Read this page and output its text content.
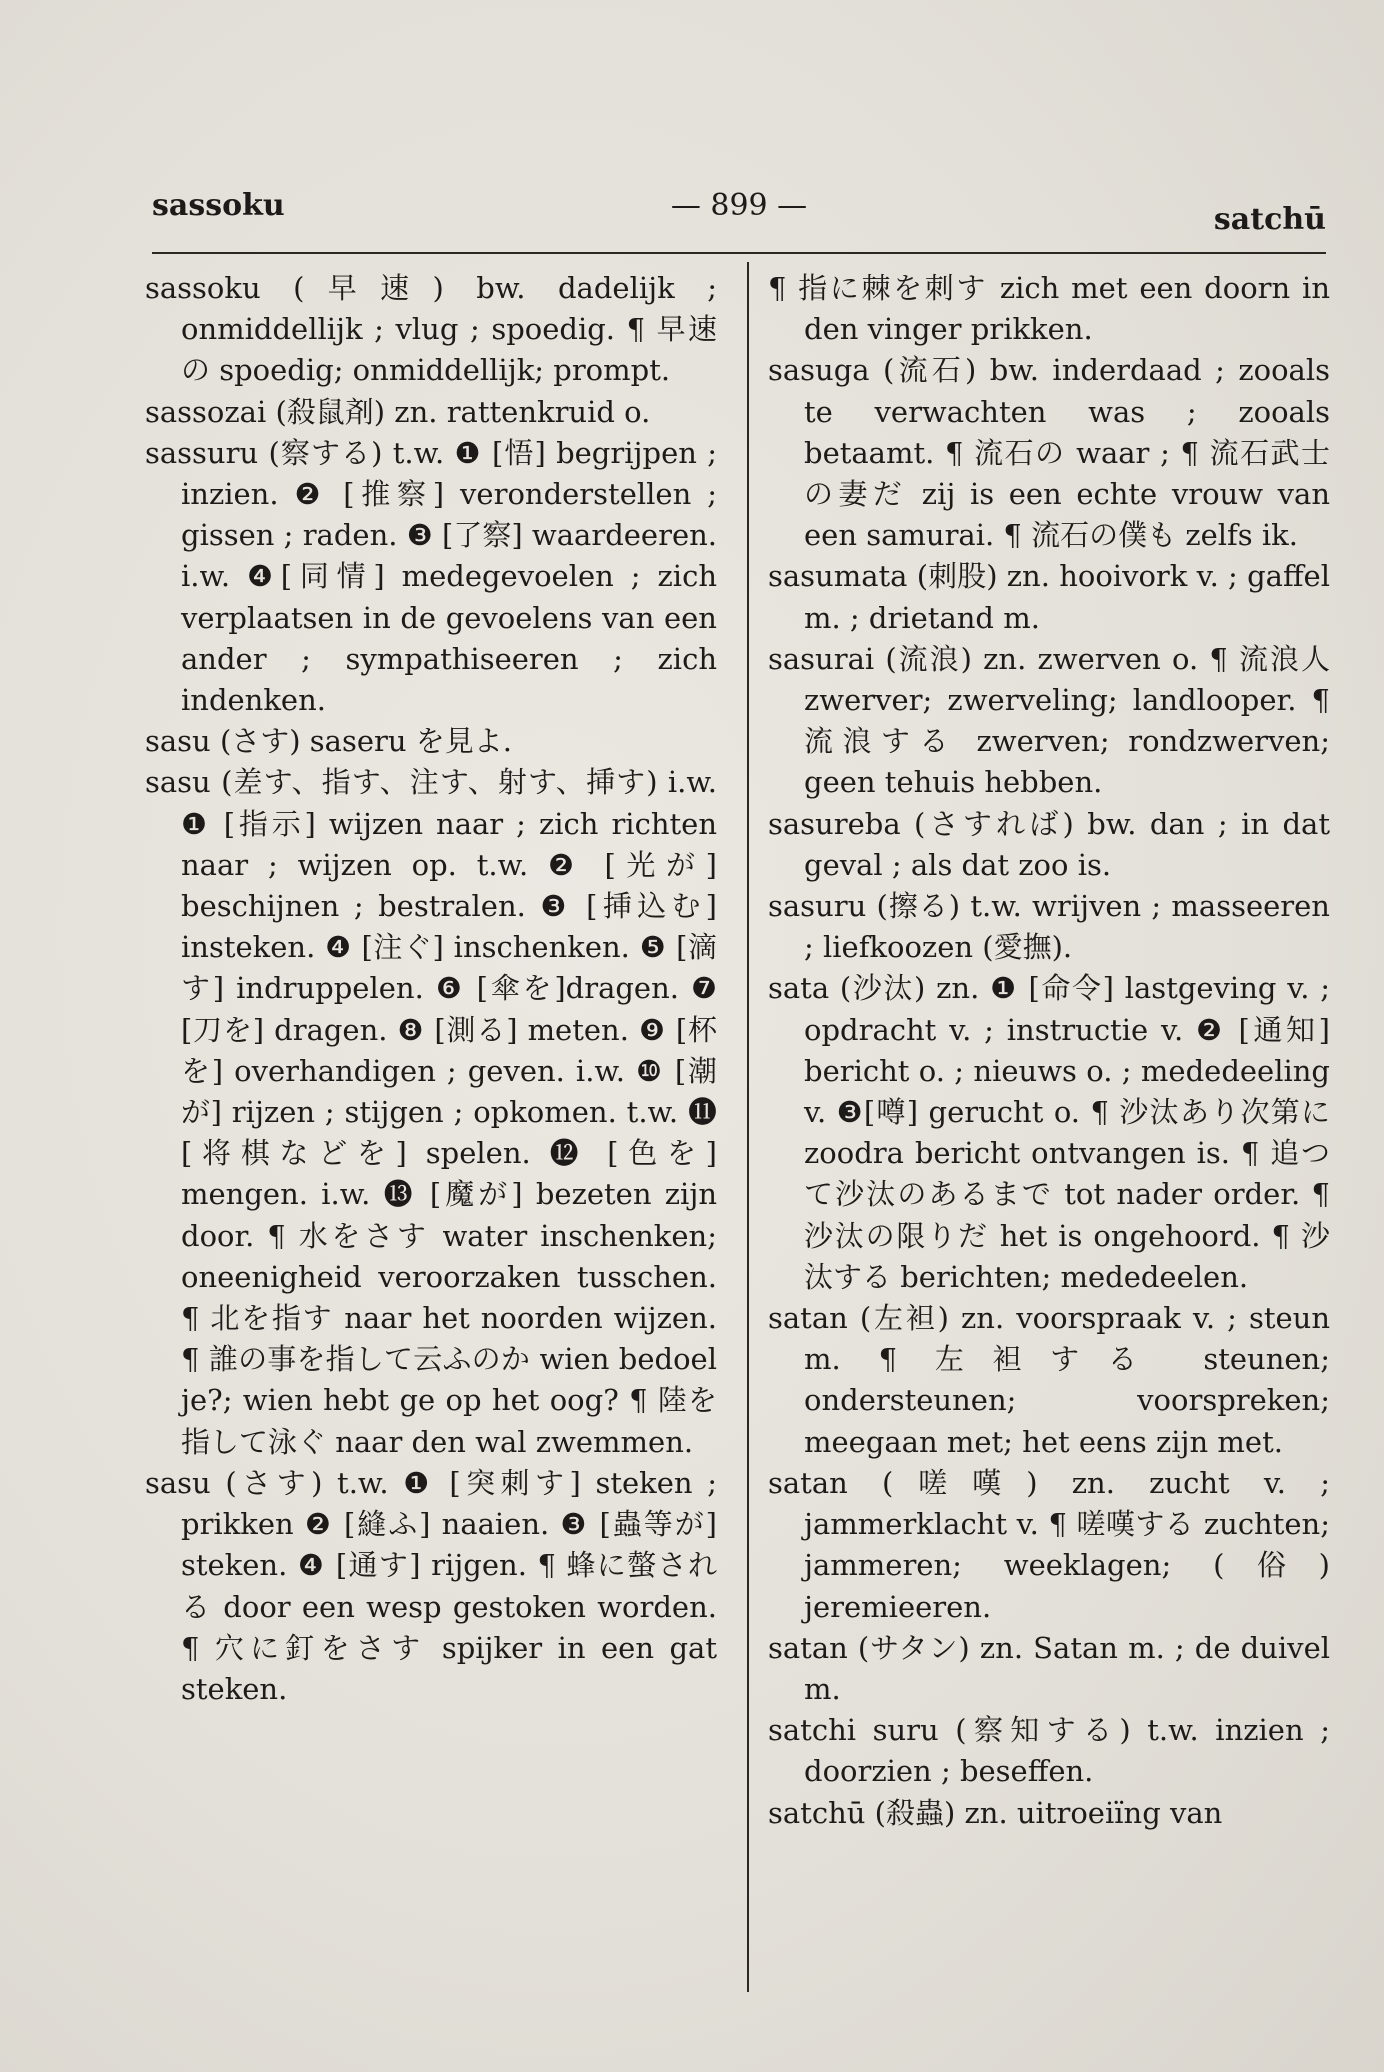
sassoku	— 899 —	satchū

sassoku (早速) bw. dadelijk ; onmiddellijk ; vlug ; spoedig. ¶ 早速の spoedig; onmiddellijk; prompt.

sassozai (殺鼠剤) zn. rattenkruid o.

sassuru (察する) t.w. ❶ [悟] begrijpen ; inzien. ❷ [推察] veronderstellen ; gissen ; raden. ❸ [了察] waardeeren. i.w. ❹[同情] medegevoelen ; zich verplaatsen in de gevoelens van een ander ; sympathiseeren ; zich indenken.

sasu (さす) saseru を見よ.

sasu (差す、指す、注す、射す、挿す) i.w. ❶ [指示] wijzen naar ; zich richten naar ; wijzen op. t.w. ❷ [光が] beschijnen ; bestralen. ❸ [挿込む] insteken. ❹ [注ぐ] inschenken. ❺ [滴す] indruppelen. ❻ [傘を]dragen. ❼ [刀を] dragen. ❽ [測る] meten. ❾ [杯を] overhandigen ; geven. i.w. ❿ [潮が] rijzen ; stijgen ; opkomen. t.w. ⓫ [将棋などを] spelen. ⓬ [色を] mengen. i.w. ⓭ [魔が] bezeten zijn door. ¶ 水をさす water inschenken; oneenigheid veroorzaken tusschen. ¶ 北を指す naar het noorden wijzen. ¶ 誰の事を指して云ふのか wien bedoel je?; wien hebt ge op het oog? ¶ 陸を指して泳ぐ naar den wal zwemmen.

sasu (さす) t.w. ❶ [突刺す] steken ; prikken ❷ [縫ふ] naaien. ❸ [蟲等が] steken. ❹ [通す] rijgen. ¶ 蜂に螫される door een wesp gestoken worden. ¶ 穴に釘をさす spijker in een gat steken.

¶ 指に棘を刺す zich met een doorn in den vinger prikken.

sasuga (流石) bw. inderdaad ; zooals te verwachten was ; zooals betaamt. ¶ 流石の waar ; ¶ 流石武士の妻だ zij is een echte vrouw van een samurai. ¶ 流石の僕も zelfs ik.

sasumata (刺股) zn. hooivork v. ; gaffel m. ; drietand m.

sasurai (流浪) zn. zwerven o. ¶ 流浪人 zwerver; zwerveling; landlooper. ¶ 流浪する zwerven; rondzwerven; geen tehuis hebben.

sasureba (さすれば) bw. dan ; in dat geval ; als dat zoo is.

sasuru (擦る) t.w. wrijven ; masseeren ; liefkoozen (愛撫).

sata (沙汰) zn. ❶ [命令] lastgeving v. ; opdracht v. ; instructie v. ❷ [通知] bericht o. ; nieuws o. ; mededeeling v. ❸[噂] gerucht o. ¶ 沙汰あり次第に zoodra bericht ontvangen is. ¶ 追つて沙汰のあるまで tot nader order. ¶ 沙汰の限りだ het is ongehoord. ¶ 沙汰する berichten; mededeelen.

satan (左袒) zn. voorspraak v. ; steun m. ¶ 左袒する steunen; ondersteunen; voorspreken; meegaan met; het eens zijn met.

satan (嗟嘆) zn. zucht v. ; jammerklacht v. ¶ 嗟嘆する zuchten; jammeren; weeklagen; (俗) jeremieeren.

satan (サタン) zn. Satan m. ; de duivel m.

satchi suru (察知する) t.w. inzien ; doorzien ; beseffen.

satchū (殺蟲) zn. uitroeiïng van
